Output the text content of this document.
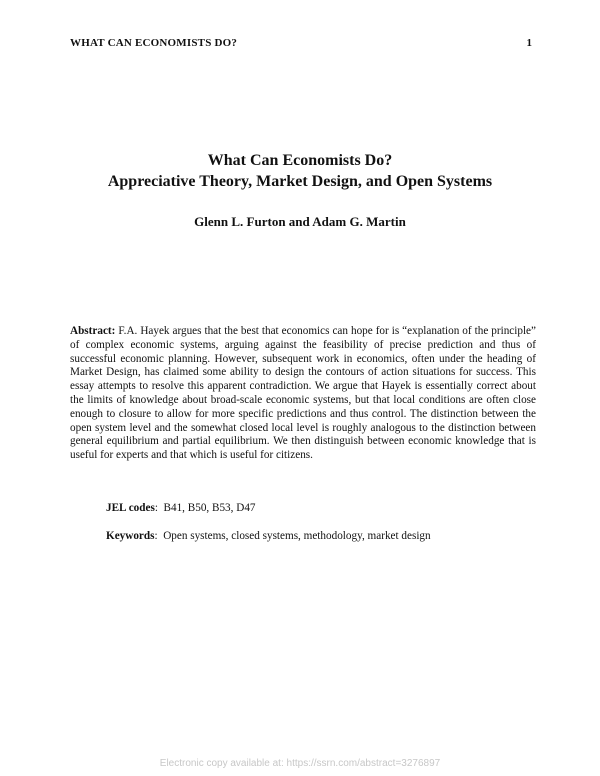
WHAT CAN ECONOMISTS DO?	1
What Can Economists Do?
Appreciative Theory, Market Design, and Open Systems
Glenn L. Furton and Adam G. Martin
Abstract: F.A. Hayek argues that the best that economics can hope for is “explanation of the principle” of complex economic systems, arguing against the feasibility of precise prediction and thus of successful economic planning. However, subsequent work in economics, often under the heading of Market Design, has claimed some ability to design the contours of action situations for success. This essay attempts to resolve this apparent contradiction. We argue that Hayek is essentially correct about the limits of knowledge about broad-scale economic systems, but that local conditions are often close enough to closure to allow for more specific predictions and thus control. The distinction between the open system level and the somewhat closed local level is roughly analogous to the distinction between general equilibrium and partial equilibrium. We then distinguish between economic knowledge that is useful for experts and that which is useful for citizens.
JEL codes: B41, B50, B53, D47
Keywords: Open systems, closed systems, methodology, market design
Electronic copy available at: https://ssrn.com/abstract=3276897
